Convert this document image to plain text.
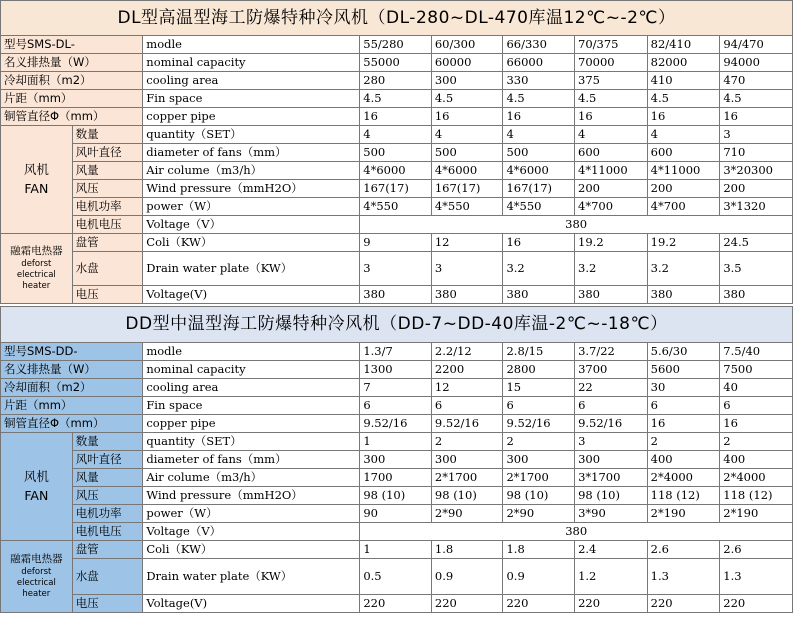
DL型高温型海工防爆特种冷风机（DL-280~DL-470库温12℃~-2℃）								
型号SMS-DL-		modle	55/280	60/300	66/330	70/375	82/410	94/470
名义排热量（W）		nominal capacity	55000	60000	66000	70000	82000	94000
冷却面积（m2）		cooling area	280	300	330	375	410	470
片距（mm）		Fin space	4.5	4.5	4.5	4.5	4.5	4.5
铜管直径Φ（mm）		copper pipe	16	16	16	16	16	16
风机
FAN	数量	quantity（SET）	4	4	4	4	4	3
	风叶直径	diameter of fans（mm）	500	500	500	600	600	710
	风量	Air colume（m3/h）	4*6000	4*6000	4*6000	4*11000	4*11000	3*20300
	风压	Wind pressure（mmH2O）	167(17)	167(17)	167(17)	200	200	200
	电机功率	power（W）	4*550	4*550	4*550	4*700	4*700	3*1320
	电机电压	Voltage（V）	380					
融霜电热器
deforst
electrical
heater	盘管	Coli（KW）	9	12	16	19.2	19.2	24.5
	水盘	Drain water plate（KW）	3	3	3.2	3.2	3.2	3.5
	电压	Voltage(V)	380	380	380	380	380	380
DD型中温型海工防爆特种冷风机（DD-7~DD-40库温-2℃~-18℃）								
型号SMS-DD-		modle	1.3/7	2.2/12	2.8/15	3.7/22	5.6/30	7.5/40
名义排热量（W）		nominal capacity	1300	2200	2800	3700	5600	7500
冷却面积（m2）		cooling area	7	12	15	22	30	40
片距（mm）		Fin space	6	6	6	6	6	6
铜管直径Φ（mm）		copper pipe	9.52/16	9.52/16	9.52/16	9.52/16	16	16
风机
FAN	数量	quantity（SET）	1	2	2	3	2	2
	风叶直径	diameter of fans（mm）	300	300	300	300	400	400
	风量	Air colume（m3/h）	1700	2*1700	2*1700	3*1700	2*4000	2*4000
	风压	Wind pressure（mmH2O）	98 (10)	98 (10)	98 (10)	98 (10)	118 (12)	118 (12)
	电机功率	power（W）	90	2*90	2*90	3*90	2*190	2*190
	电机电压	Voltage（V）	380					
融霜电热器
deforst
electrical
heater	盘管	Coli（KW）	1	1.8	1.8	2.4	2.6	2.6
	水盘	Drain water plate（KW）	0.5	0.9	0.9	1.2	1.3	1.3
	电压	Voltage(V)	220	220	220	220	220	220
